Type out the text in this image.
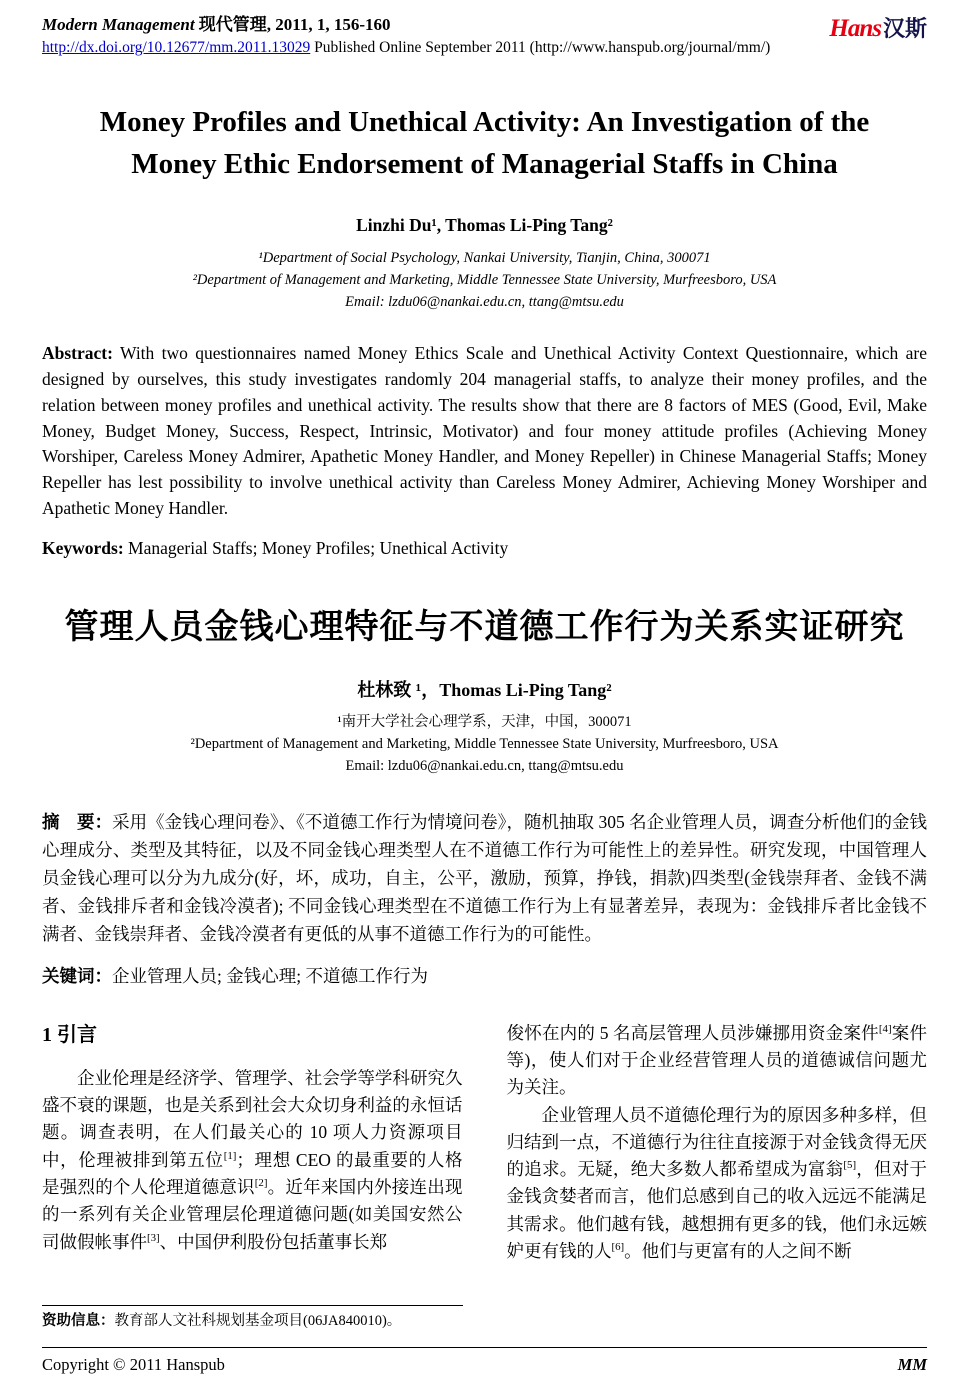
Modern Management 现代管理, 2011, 1, 156-160
http://dx.doi.org/10.12677/mm.2011.13029 Published Online September 2011 (http://www.hanspub.org/journal/mm/)
Hans汉斯
Money Profiles and Unethical Activity: An Investigation of the Money Ethic Endorsement of Managerial Staffs in China
Linzhi Du¹, Thomas Li-Ping Tang²
¹Department of Social Psychology, Nankai University, Tianjin, China, 300071
²Department of Management and Marketing, Middle Tennessee State University, Murfreesboro, USA
Email: lzdu06@nankai.edu.cn, ttang@mtsu.edu

Abstract: With two questionnaires named Money Ethics Scale and Unethical Activity Context Questionnaire, which are designed by ourselves, this study investigates randomly 204 managerial staffs, to analyze their money profiles, and the relation between money profiles and unethical activity. The results show that there are 8 factors of MES (Good, Evil, Make Money, Budget Money, Success, Respect, Intrinsic, Motivator) and four money attitude profiles (Achieving Money Worshiper, Careless Money Admirer, Apathetic Money Handler, and Money Repeller) in Chinese Managerial Staffs; Money Repeller has lest possibility to involve unethical activity than Careless Money Admirer, Achieving Money Worshiper and Apathetic Money Handler.

Keywords: Managerial Staffs; Money Profiles; Unethical Activity

管理人员金钱心理特征与不道德工作行为关系实证研究
杜林致 ¹，Thomas Li-Ping Tang²
¹南开大学社会心理学系，天津，中国，300071
²Department of Management and Marketing, Middle Tennessee State University, Murfreesboro, USA
Email: lzdu06@nankai.edu.cn, ttang@mtsu.edu

摘　要：采用《金钱心理问卷》、《不道德工作行为情境问卷》，随机抽取 305 名企业管理人员，调查分析他们的金钱心理成分、类型及其特征，以及不同金钱心理类型人在不道德工作行为可能性上的差异性。研究发现，中国管理人员金钱心理可以分为九成分(好，坏，成功，自主，公平，激励，预算，挣钱，捐款)四类型(金钱崇拜者、金钱不满者、金钱排斥者和金钱冷漠者); 不同金钱心理类型在不道德工作行为上有显著差异，表现为：金钱排斥者比金钱不满者、金钱崇拜者、金钱冷漠者有更低的从事不道德工作行为的可能性。

关键词：企业管理人员; 金钱心理; 不道德工作行为

1 引言

企业伦理是经济学、管理学、社会学等学科研究久盛不衰的课题，也是关系到社会大众切身利益的永恒话题。调查表明，在人们最关心的 10 项人力资源项目中，伦理被排到第五位[1]；理想 CEO 的最重要的人格是强烈的个人伦理道德意识[2]。近年来国内外接连出现的一系列有关企业管理层伦理道德问题(如美国安然公司做假帐事件[3]、中国伊利股份包括董事长郑

资助信息：教育部人文社科规划基金项目(06JA840010)。

俊怀在内的 5 名高层管理人员涉嫌挪用资金案件[4]案件等)，使人们对于企业经营管理人员的道德诚信问题尤为关注。

企业管理人员不道德伦理行为的原因多种多样，但归结到一点，不道德行为往往直接源于对金钱贪得无厌的追求。无疑，绝大多数人都希望成为富翁[5]，但对于金钱贪婪者而言，他们总感到自己的收入远远不能满足其需求。他们越有钱，越想拥有更多的钱，他们永远嫉妒更有钱的人[6]。他们与更富有的人之间不断

Copyright © 2011 Hanspub	MM
